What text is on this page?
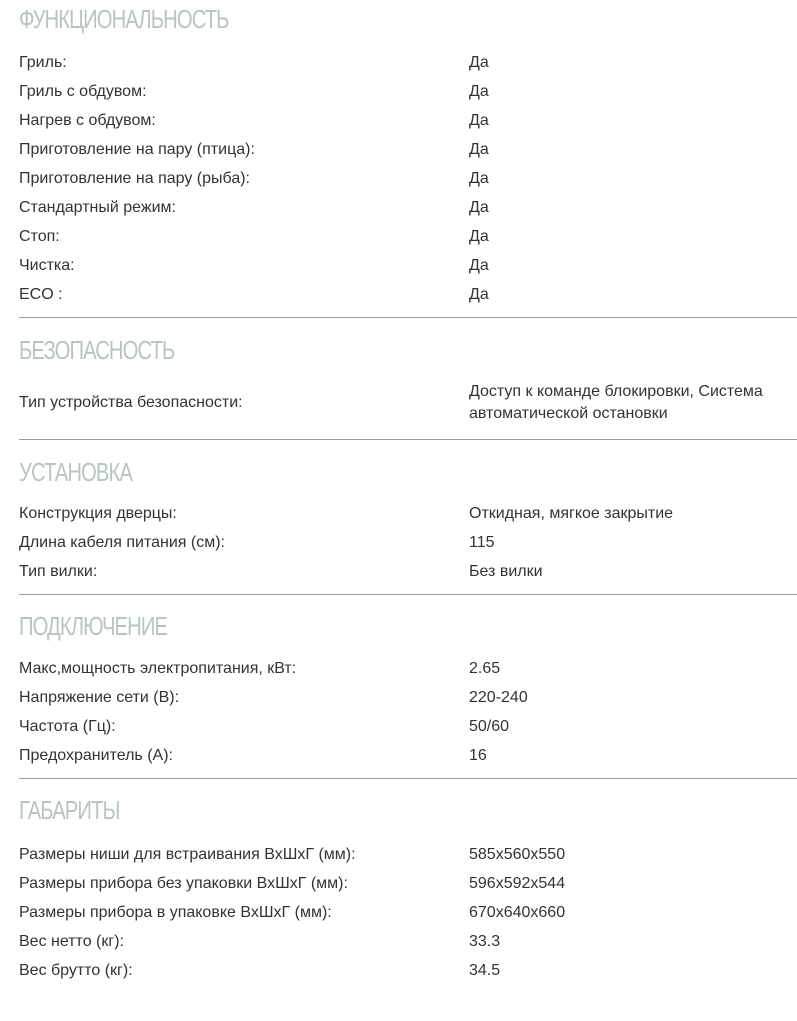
ФУНКЦИОНАЛЬНОСТЬ
Гриль:	Да
Гриль с обдувом:	Да
Нагрев с обдувом:	Да
Приготовление на пару (птица):	Да
Приготовление на пару (рыба):	Да
Стандартный режим:	Да
Стоп:	Да
Чистка:	Да
ECO :	Да
БЕЗОПАСНОСТЬ
Тип устройства безопасности:	Доступ к команде блокировки, Система автоматической остановки
УСТАНОВКА
Конструкция дверцы:	Откидная, мягкое закрытие
Длина кабеля питания (см):	115
Тип вилки:	Без вилки
ПОДКЛЮЧЕНИЕ
Макс,мощность электропитания, кВт:	2.65
Напряжение сети (В):	220-240
Частота (Гц):	50/60
Предохранитель (А):	16
ГАБАРИТЫ
Размеры ниши для встраивания ВхШхГ (мм):	585x560x550
Размеры прибора без упаковки ВхШхГ (мм):	596x592x544
Размеры прибора в упаковке ВхШхГ (мм):	670x640x660
Вес нетто (кг):	33.3
Вес брутто (кг):	34.5
